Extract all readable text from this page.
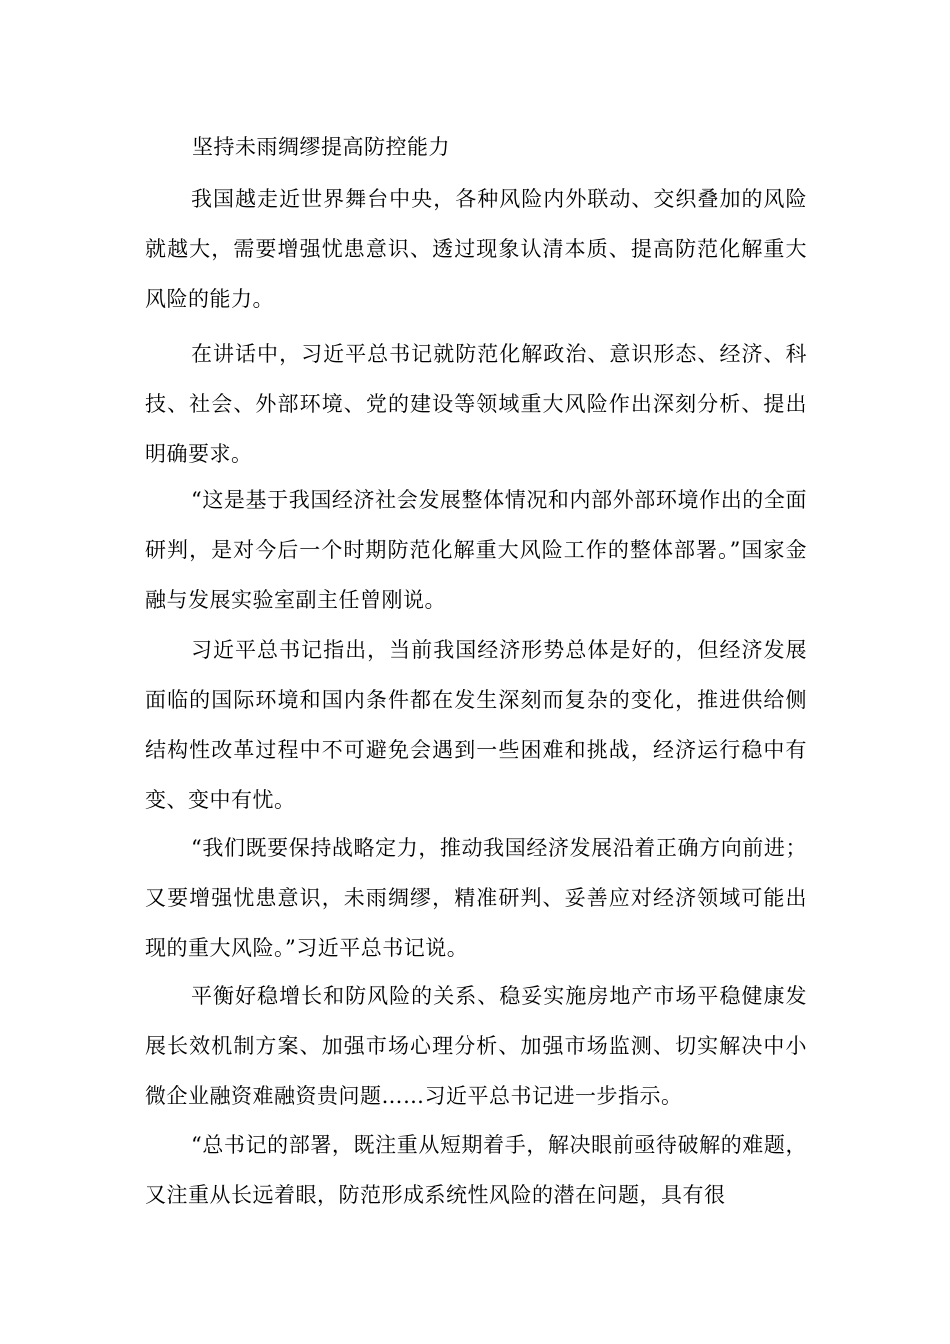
坚持未雨绸缪提高防控能力

我国越走近世界舞台中央，各种风险内外联动、交织叠加的风险就越大，需要增强忧患意识、透过现象认清本质、提高防范化解重大风险的能力。

在讲话中，习近平总书记就防范化解政治、意识形态、经济、科技、社会、外部环境、党的建设等领域重大风险作出深刻分析、提出明确要求。

“这是基于我国经济社会发展整体情况和内部外部环境作出的全面研判，是对今后一个时期防范化解重大风险工作的整体部署。”国家金融与发展实验室副主任曾刚说。

习近平总书记指出，当前我国经济形势总体是好的，但经济发展面临的国际环境和国内条件都在发生深刻而复杂的变化，推进供给侧结构性改革过程中不可避免会遇到一些困难和挑战，经济运行稳中有变、变中有忧。

“我们既要保持战略定力，推动我国经济发展沿着正确方向前进；又要增强忧患意识，未雨绸缪，精准研判、妥善应对经济领域可能出现的重大风险。”习近平总书记说。

平衡好稳增长和防风险的关系、稳妥实施房地产市场平稳健康发展长效机制方案、加强市场心理分析、加强市场监测、切实解决中小微企业融资难融资贵问题……习近平总书记进一步指示。

“总书记的部署，既注重从短期着手，解决眼前亟待破解的难题，又注重从长远着眼，防范形成系统性风险的潜在问题，具有很
